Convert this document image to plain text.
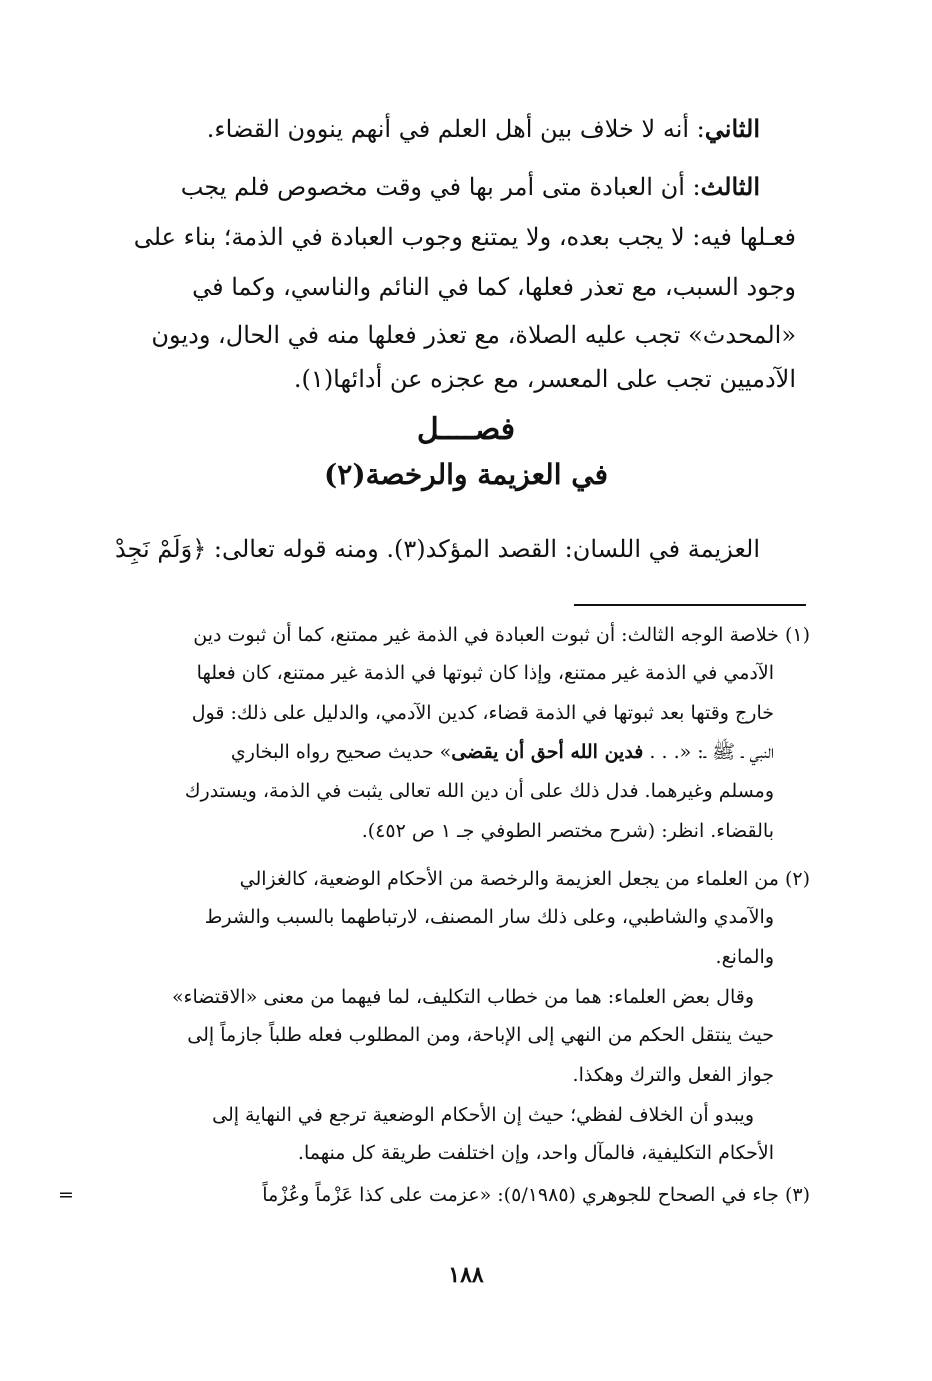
الثاني: أنه لا خلاف بين أهل العلم في أنهم ينوون القضاء.
الثالث: أن العبادة متى أمر بها في وقت مخصوص فلم يجب
فعـلها فيه: لا يجب بعده، ولا يمتنع وجوب العبادة في الذمة؛ بناء على
وجود السبب، مع تعذر فعلها، كما في النائم والناسي، وكما في
«المحدث» تجب عليه الصلاة، مع تعذر فعلها منه في الحال، وديون
الآدميين تجب على المعسر، مع عجزه عن أدائها(١).
فصــــل
في العزيمة والرخصة(٢)
العزيمة في اللسان: القصد المؤكد(٣). ومنه قوله تعالى: ﴿وَلَمْ نَجِدْ
(١) خلاصة الوجه الثالث: أن ثبوت العبادة في الذمة غير ممتنع، كما أن ثبوت دين
الآدمي في الذمة غير ممتنع، وإذا كان ثبوتها في الذمة غير ممتنع، كان فعلها
خارج وقتها بعد ثبوتها في الذمة قضاء، كدين الآدمي، والدليل على ذلك: قول
النبي ـ ﷺ ـ: «. . . فدين الله أحق أن يقضى» حديث صحيح رواه البخاري
ومسلم وغيرهما. فدل ذلك على أن دين الله تعالى يثبت في الذمة، ويستدرك
بالقضاء. انظر: (شرح مختصر الطوفي جـ ١ ص ٤٥٢).
(٢) من العلماء من يجعل العزيمة والرخصة من الأحكام الوضعية، كالغزالي
والآمدي والشاطبي، وعلى ذلك سار المصنف، لارتباطهما بالسبب والشرط
والمانع.
وقال بعض العلماء: هما من خطاب التكليف، لما فيهما من معنى «الاقتضاء»
حيث ينتقل الحكم من النهي إلى الإباحة، ومن المطلوب فعله طلباً جازماً إلى
جواز الفعل والترك وهكذا.
ويبدو أن الخلاف لفظي؛ حيث إن الأحكام الوضعية ترجع في النهاية إلى
الأحكام التكليفية، فالمآل واحد، وإن اختلفت طريقة كل منهما.
(٣) جاء في الصحاح للجوهري (٥/١٩٨٥): «عزمت على كذا عَزْماً وعُزْماً
=
١٨٨
